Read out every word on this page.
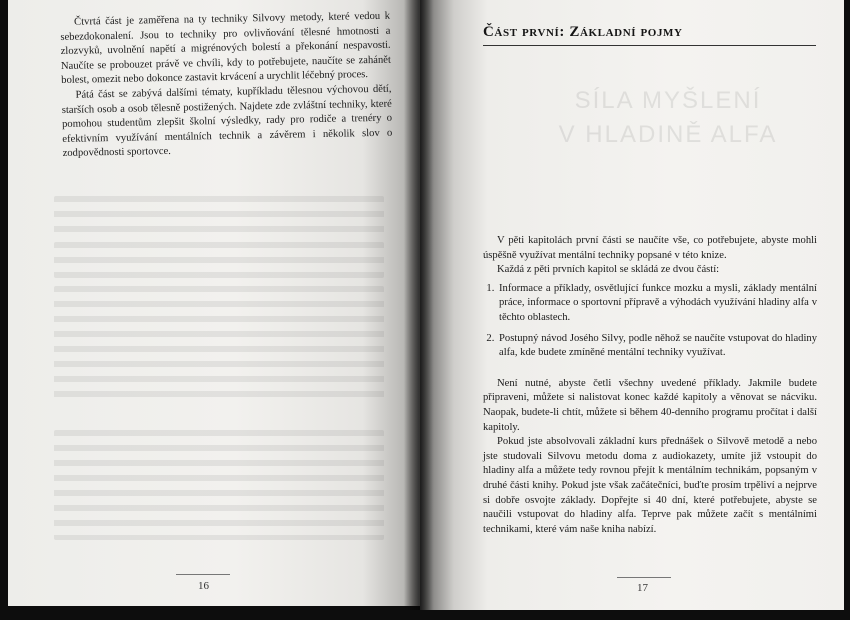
Čtvrtá část je zaměřena na ty techniky Silvovy metody, které vedou k sebezdokonalení. Jsou to techniky pro ovlivňování tělesné hmotnosti a zlozvyků, uvolnění napětí a migrénových bolestí a překonání nespavosti. Naučíte se probouzet právě ve chvíli, kdy to potřebujete, naučíte se zahánět bolest, omezit nebo dokonce zastavit krvácení a urychlit léčebný proces.

Pátá část se zabývá dalšími tématy, kupříkladu tělesnou výchovou dětí, starších osob a osob tělesně postižených. Najdete zde zvláštní techniky, které pomohou studentům zlepšit školní výsledky, rady pro rodiče a trenéry o efektivním využívání mentálních technik a závěrem i několik slov o zodpovědnosti sportovce.

16
SÍLA MYŠLENÍ
V HLADINĚ ALFA
Část první: Základní pojmy

V pěti kapitolách první části se naučíte vše, co potřebujete, abyste mohli úspěšně využívat mentální techniky popsané v této knize.

Každá z pěti prvních kapitol se skládá ze dvou částí:

1. Informace a příklady, osvětlující funkce mozku a mysli, základy mentální práce, informace o sportovní přípravě a výhodách využívání hladiny alfa v těchto oblastech.
2. Postupný návod Josého Silvy, podle něhož se naučíte vstupovat do hladiny alfa, kde budete zmíněné mentální techniky využívat.

Není nutné, abyste četli všechny uvedené příklady. Jakmile budete připraveni, můžete si nalistovat konec každé kapitoly a věnovat se nácviku. Naopak, budete-li chtít, můžete si během 40-denního programu pročítat i další kapitoly.

Pokud jste absolvovali základní kurs přednášek o Silvově metodě a nebo jste studovali Silvovu metodu doma z audiokazety, umíte již vstoupit do hladiny alfa a můžete tedy rovnou přejít k mentálním technikám, popsaným v druhé části knihy. Pokud jste však začátečníci, buďte prosím trpěliví a nejprve si dobře osvojte základy. Dopřejte si 40 dní, které potřebujete, abyste se naučili vstupovat do hladiny alfa. Teprve pak můžete začít s mentálními technikami, které vám naše kniha nabízí.

17
